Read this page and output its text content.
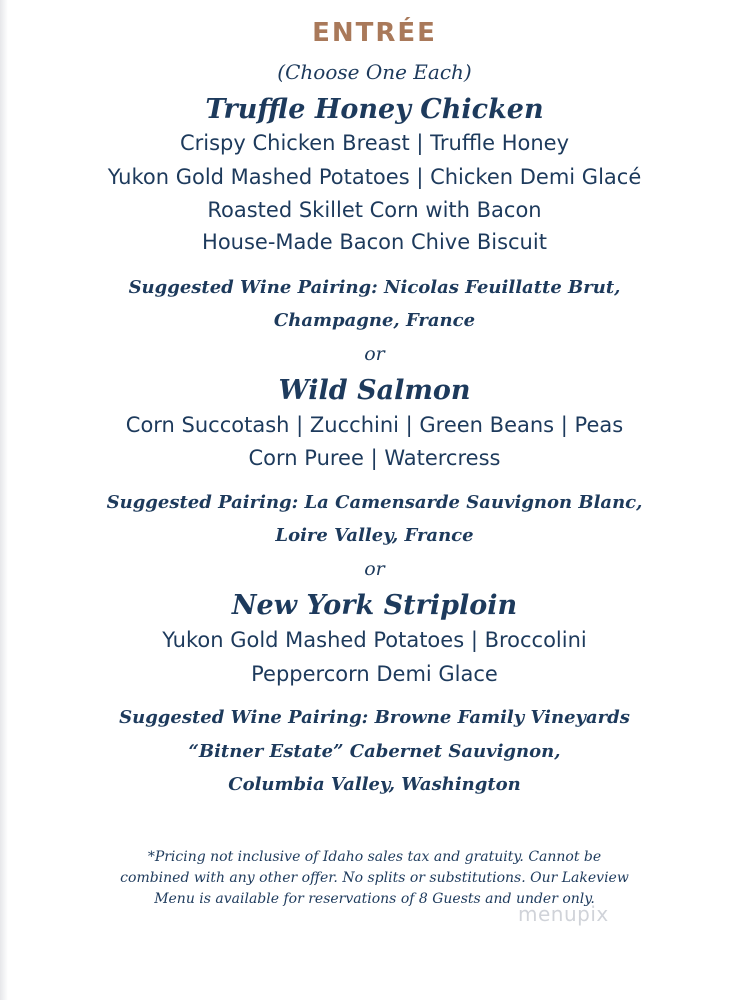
ENTRÉE
(Choose One Each)
Truffle Honey Chicken
Crispy Chicken Breast | Truffle Honey
Yukon Gold Mashed Potatoes | Chicken Demi Glacé
Roasted Skillet Corn with Bacon
House-Made Bacon Chive Biscuit
Suggested Wine Pairing: Nicolas Feuillatte Brut,
Champagne, France
or
Wild Salmon
Corn Succotash | Zucchini | Green Beans | Peas
Corn Puree | Watercress
Suggested Pairing: La Camensarde Sauvignon Blanc,
Loire Valley, France
or
New York Striploin
Yukon Gold Mashed Potatoes | Broccolini
Peppercorn Demi Glace
Suggested Wine Pairing: Browne Family Vineyards
“Bitner Estate” Cabernet Sauvignon,
Columbia Valley, Washington
*Pricing not inclusive of Idaho sales tax and gratuity. Cannot be
combined with any other offer. No splits or substitutions. Our Lakeview
Menu is available for reservations of 8 Guests and under only.
menupix
